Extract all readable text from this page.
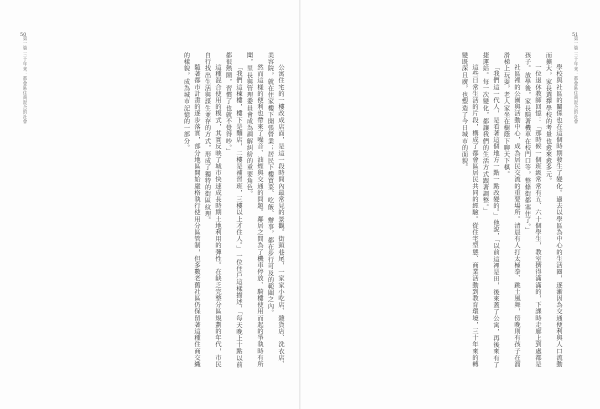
50
第一篇 三十年來：都會區住商混合的社會	公寓住宅的一樓改成店面，是這一段時間內最常見的景觀。街頭巷尾，一家家小吃店、雜貨店、洗衣店、美容院，就在住家樓下開張營業；居民下樓買菜、吃飯、辦事，都在步行可及的範圍之內。

然而這樣的便利也帶來了噪音、油煙與交通的問題。鄰居之間為了機車停放、騎樓使用而起的爭執時有所聞，里長與管理委員會成為調解糾紛的重要角色。

「我們這棟樓，樓下是麵店，二樓是補習班，三樓以上才住人。」一位住戶這樣描述，「每天晚上十點以前都很熱鬧，習慣了也就不覺得吵。」

這種混合使用的模式，其實反映了城市快速成長時期土地利用的彈性。在缺乏完整分區規劃的年代，市民自行找出生活與謀生並存的方式，形成了獨特的街區紋理。

隨著都市計畫的逐步落實，部分地區開始嚴格執行使用分區管制，但多數老舊社區仍保留著這種住商交織的樣貌，成為城市記憶的一部分。	學校與社區的關係也在這個時期發生了變化。過去以學區為中心的生活圈，逐漸因為交通便利與人口流動而擴大，家長選擇學校的考量也愈來愈多元。

一位退休教師回憶：「那時候一個班級常常有五、六十個學生，教室擠得滿滿的，下課時走廊上到處都是孩子。放學後，家長騎著機車在校門口等，整條街都塞住了。」

社區裡的公園與活動中心，成為居民交流的重要場所。清晨有人打太極拳、跳土風舞，傍晚則有孩子在溜滑梯上玩耍，老人家坐在樹蔭下聊天下棋。

「我們這一代人，是看著這個地方一點一點改變的。」他說，「以前這裡是田，後來蓋了公寓，再後來有了捷運站。每一次變化，都讓我們的生活方式跟著調整。」

這些日常生活的片段，構成了都會區居民共同的經驗。從住宅型態、商業活動到教育環境，三十年來的轉變既深且廣，也塑造了今日城市的面貌。	第一篇 三十年來：都會區住商混合的社會
51
